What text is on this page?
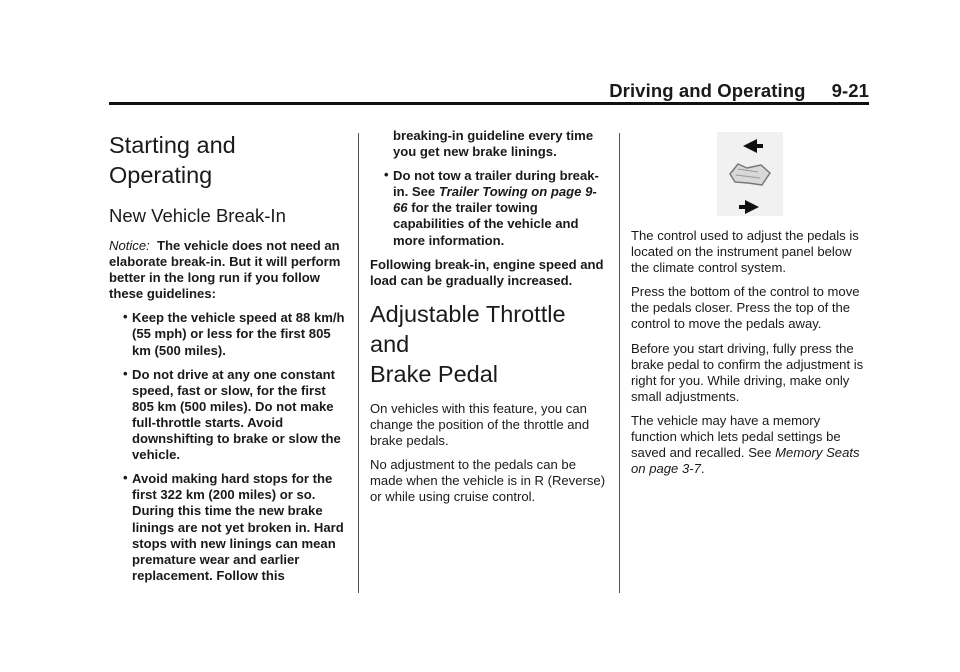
Driving and Operating 9-21
Starting and
Operating
New Vehicle Break-In

Notice: The vehicle does not need an elaborate break-in. But it will perform better in the long run if you follow these guidelines:

• Keep the vehicle speed at 88 km/h (55 mph) or less for the first 805 km (500 miles).
• Do not drive at any one constant speed, fast or slow, for the first 805 km (500 miles). Do not make full-throttle starts. Avoid downshifting to brake or slow the vehicle.
• Avoid making hard stops for the first 322 km (200 miles) or so. During this time the new brake linings are not yet broken in. Hard stops with new linings can mean premature wear and earlier replacement. Follow this
breaking-in guideline every time you get new brake linings.
• Do not tow a trailer during break-in. See Trailer Towing on page 9-66 for the trailer towing capabilities of the vehicle and more information.

Following break-in, engine speed and load can be gradually increased.

Adjustable Throttle and
Brake Pedal

On vehicles with this feature, you can change the position of the throttle and brake pedals.

No adjustment to the pedals can be made when the vehicle is in R (Reverse) or while using cruise control.

The control used to adjust the pedals is located on the instrument panel below the climate control system.

Press the bottom of the control to move the pedals closer. Press the top of the control to move the pedals away.

Before you start driving, fully press the brake pedal to confirm the adjustment is right for you. While driving, make only small adjustments.

The vehicle may have a memory function which lets pedal settings be saved and recalled. See Memory Seats on page 3-7.
